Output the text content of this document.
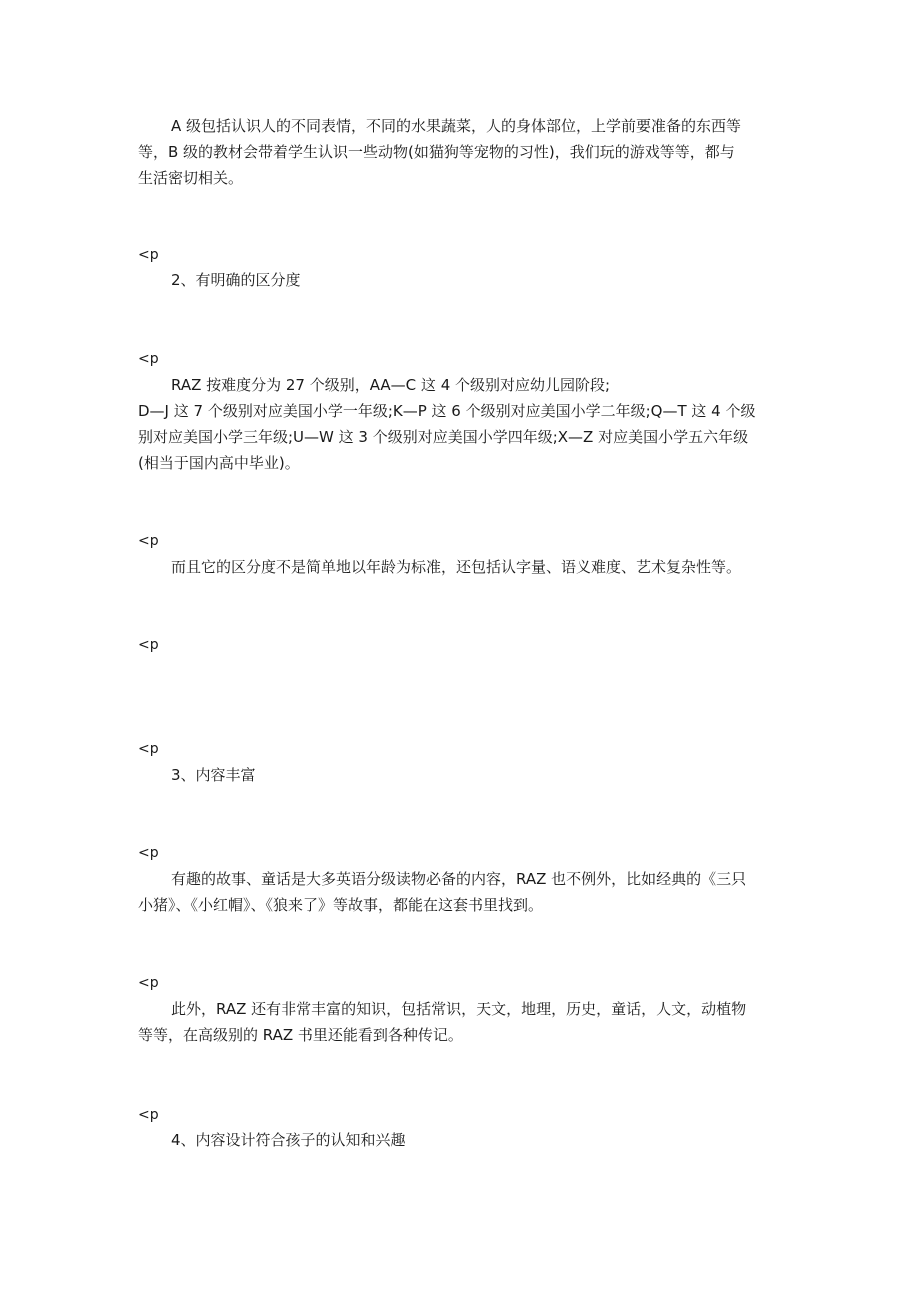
A 级包括认识人的不同表情，不同的水果蔬菜，人的身体部位，上学前要准备的东西等
等，B 级的教材会带着学生认识一些动物(如猫狗等宠物的习性)，我们玩的游戏等等，都与
生活密切相关。
<p
2、有明确的区分度
<p
RAZ 按难度分为 27 个级别，AA—C 这 4 个级别对应幼儿园阶段;
D—J 这 7 个级别对应美国小学一年级;K—P 这 6 个级别对应美国小学二年级;Q—T 这 4 个级
别对应美国小学三年级;U—W 这 3 个级别对应美国小学四年级;X—Z 对应美国小学五六年级
(相当于国内高中毕业)。
<p
而且它的区分度不是简单地以年龄为标准，还包括认字量、语义难度、艺术复杂性等。
<p
<p
3、内容丰富
<p
有趣的故事、童话是大多英语分级读物必备的内容，RAZ 也不例外，比如经典的《三只
小猪》、《小红帽》、《狼来了》等故事，都能在这套书里找到。
<p
此外，RAZ 还有非常丰富的知识，包括常识，天文，地理，历史，童话，人文，动植物
等等，在高级别的 RAZ 书里还能看到各种传记。
<p
4、内容设计符合孩子的认知和兴趣
